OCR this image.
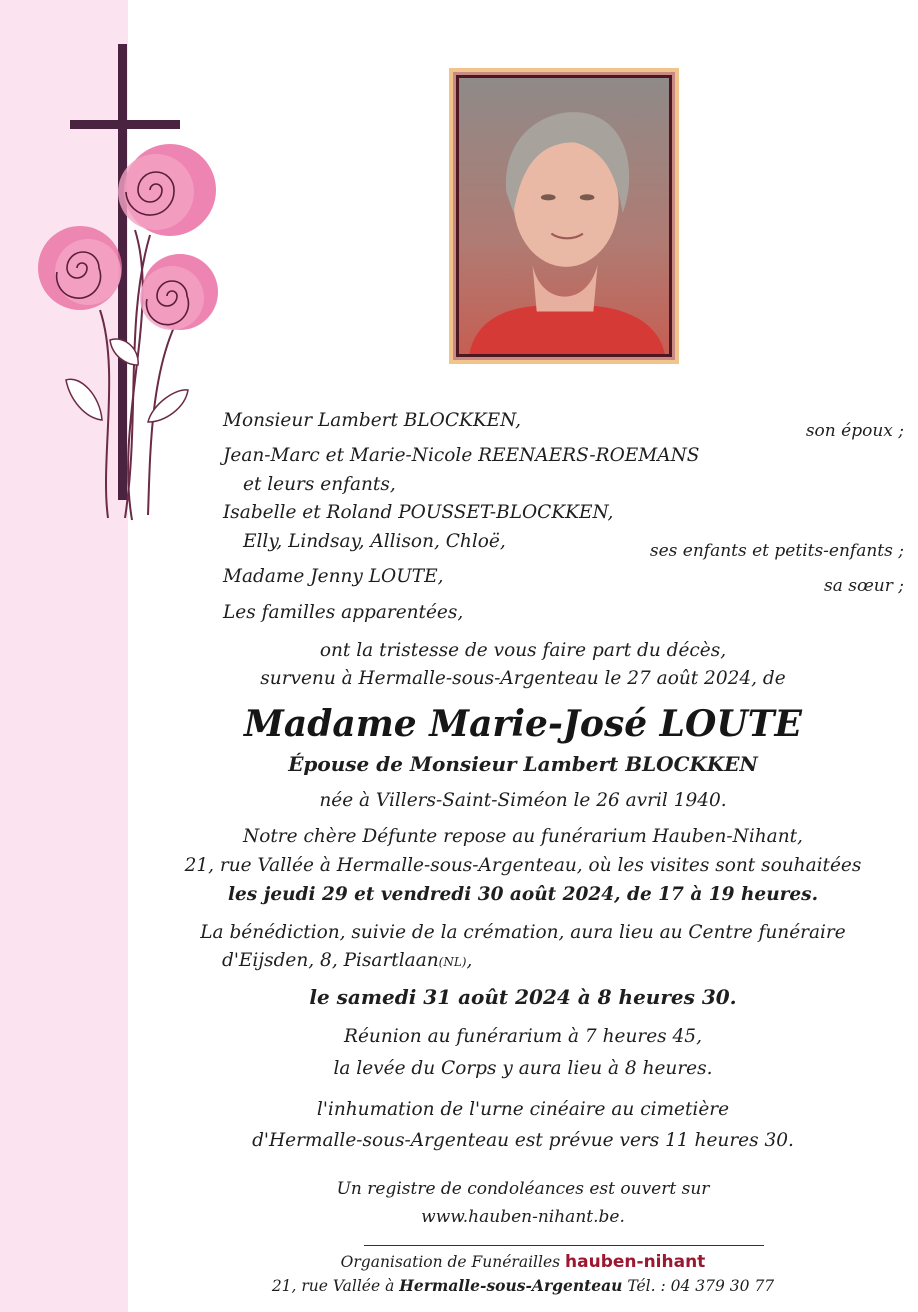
Monsieur Lambert BLOCKKEN,
Jean-Marc et Marie-Nicole REENAERS-ROEMANS
et leurs enfants,
Isabelle et Roland POUSSET-BLOCKKEN,
Elly, Lindsay, Allison, Chloë,
Madame Jenny LOUTE,
Les familles apparentées,
son époux ;
ses enfants et petits-enfants ;
sa sœur ;
ont la tristesse de vous faire part du décès,
survenu à Hermalle-sous-Argenteau le 27 août 2024, de
Madame Marie-José LOUTE
Épouse de Monsieur Lambert BLOCKKEN
née à Villers-Saint-Siméon le 26 avril 1940.
Notre chère Défunte repose au funérarium Hauben-Nihant,
21, rue Vallée à Hermalle-sous-Argenteau, où les visites sont souhaitées
les jeudi 29 et vendredi 30 août 2024, de 17 à 19 heures.
La bénédiction, suivie de la crémation, aura lieu au Centre funéraire
d'Eijsden, 8, Pisartlaan(NL),
le samedi 31 août 2024 à 8 heures 30.
Réunion au funérarium à 7 heures 45,
la levée du Corps y aura lieu à 8 heures.
l'inhumation de l'urne cinéaire au cimetière
d'Hermalle-sous-Argenteau est prévue vers 11 heures 30.
Un registre de condoléances est ouvert sur
www.hauben-nihant.be.
Organisation de Funérailles hauben-nihant
21, rue Vallée à Hermalle-sous-Argenteau Tél. : 04 379 30 77
